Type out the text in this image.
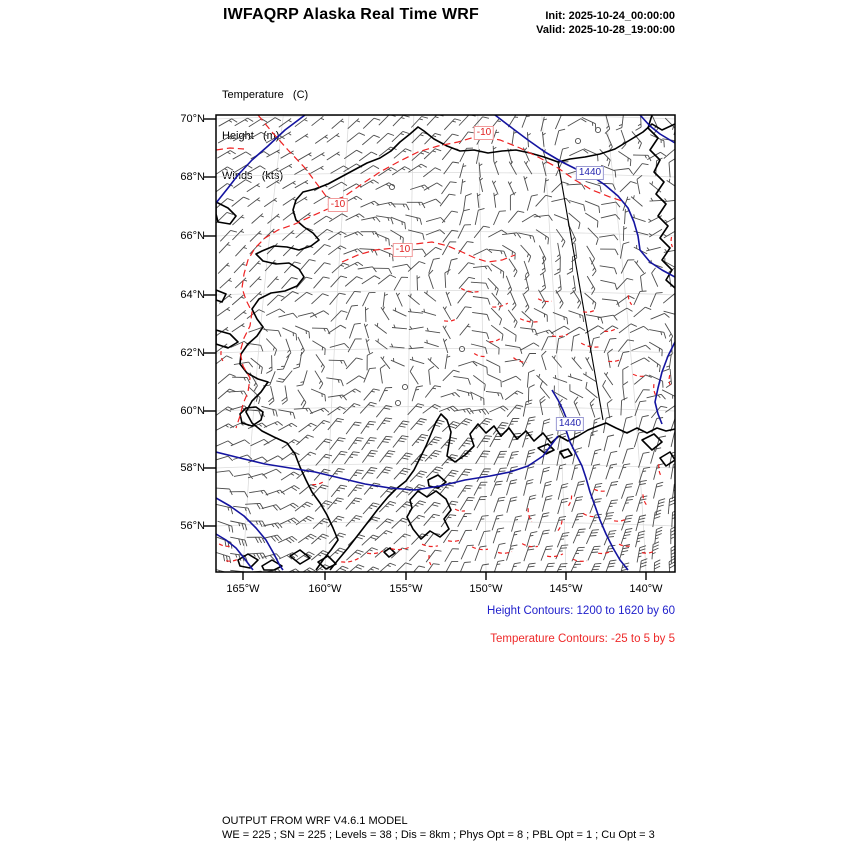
IWFAQRP Alaska Real Time WRF	Init: 2025-10-24_00:00:00
Valid: 2025-10-28_19:00:00

Temperature   (C)

Height   (m)

Winds   (kts)

70°N
68°N
66°N
64°N
62°N
60°N
58°N
56°N
165°W	160°W	155°W	150°W	145°W	140°W
-10
-10
-10
1440
1440
Height Contours: 1200 to 1620 by 60
Temperature Contours: -25 to 5 by 5
OUTPUT FROM WRF V4.6.1 MODEL
WE = 225 ; SN = 225 ; Levels = 38 ; Dis = 8km ; Phys Opt = 8 ; PBL Opt = 1 ; Cu Opt = 3
